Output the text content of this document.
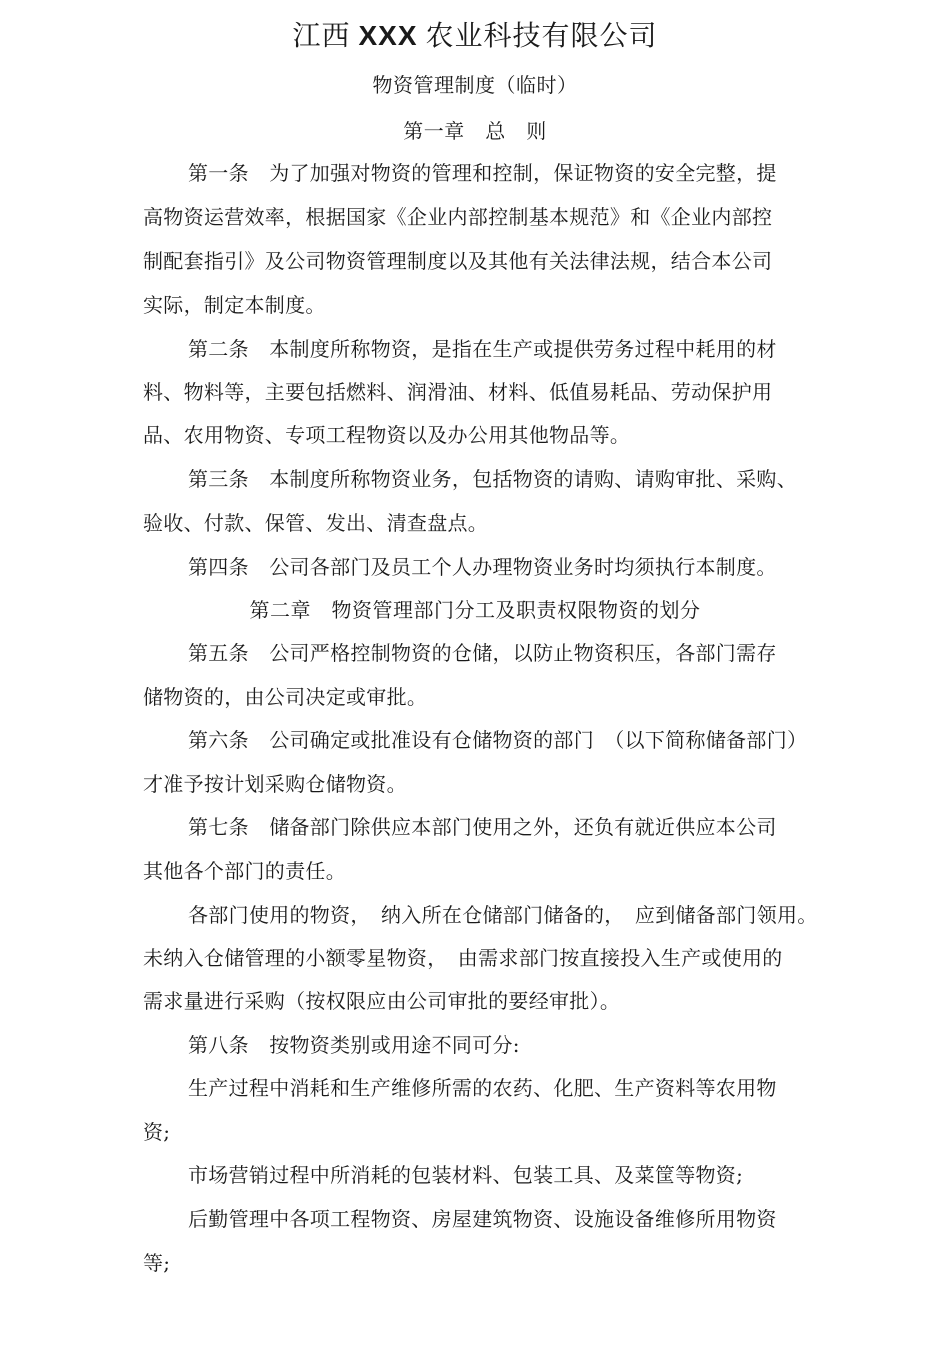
江西 XXX 农业科技有限公司
物资管理制度（临时）
第一章　总　则
第一条　为了加强对物资的管理和控制，保证物资的安全完整，提
高物资运营效率，根据国家《企业内部控制基本规范》和《企业内部控
制配套指引》及公司物资管理制度以及其他有关法律法规，结合本公司
实际，制定本制度。
第二条　本制度所称物资，是指在生产或提供劳务过程中耗用的材
料、物料等，主要包括燃料、润滑油、材料、低值易耗品、劳动保护用
品、农用物资、专项工程物资以及办公用其他物品等。
第三条　本制度所称物资业务，包括物资的请购、请购审批、采购、
验收、付款、保管、发出、清查盘点。
第四条　公司各部门及员工个人办理物资业务时均须执行本制度。
第二章　物资管理部门分工及职责权限物资的划分
第五条　公司严格控制物资的仓储，以防止物资积压，各部门需存
储物资的，由公司决定或审批。
第六条　公司确定或批准设有仓储物资的部门　（以下简称储备部门）
才准予按计划采购仓储物资。
第七条　储备部门除供应本部门使用之外，还负有就近供应本公司
其他各个部门的责任。
各部门使用的物资，　纳入所在仓储部门储备的，　应到储备部门领用。
未纳入仓储管理的小额零星物资，　由需求部门按直接投入生产或使用的
需求量进行采购（按权限应由公司审批的要经审批）。
第八条　按物资类别或用途不同可分:
生产过程中消耗和生产维修所需的农药、化肥、生产资料等农用物
资;
市场营销过程中所消耗的包装材料、包装工具、及菜筐等物资;
后勤管理中各项工程物资、房屋建筑物资、设施设备维修所用物资
等;
